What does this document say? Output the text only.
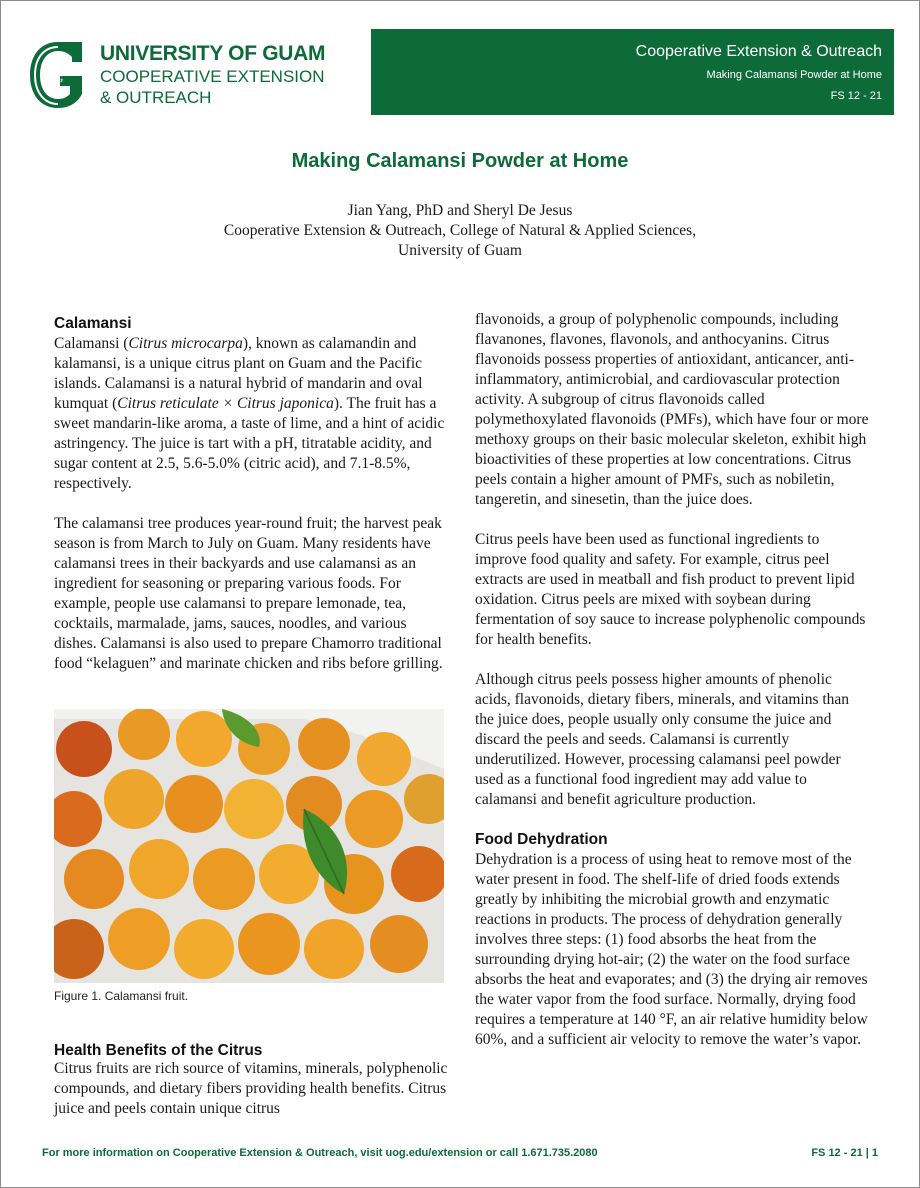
G
UNIVERSITY OF GUAM
COOPERATIVE EXTENSION
& OUTREACH
Cooperative Extension & Outreach
Making Calamansi Powder at Home
FS 12 - 21
Making Calamansi Powder at Home
Jian Yang, PhD and Sheryl De Jesus
Cooperative Extension & Outreach, College of Natural & Applied Sciences,
University of Guam
Calamansi

Calamansi (Citrus microcarpa), known as calamandin and kalamansi, is a unique citrus plant on Guam and the Pacific islands. Calamansi is a natural hybrid of mandarin and oval kumquat (Citrus reticulate × Citrus japonica). The fruit has a sweet mandarin-like aroma, a taste of lime, and a hint of acidic astringency. The juice is tart with a pH, titratable acidity, and sugar content at 2.5, 5.6-5.0% (citric acid), and 7.1-8.5%, respectively.

The calamansi tree produces year-round fruit; the harvest peak season is from March to July on Guam. Many residents have calamansi trees in their backyards and use calamansi as an ingredient for seasoning or preparing various foods. For example, people use calamansi to prepare lemonade, tea, cocktails, marmalade, jams, sauces, noodles, and various dishes. Calamansi is also used to prepare Chamorro traditional food “kelaguen” and marinate chicken and ribs before grilling.

Figure 1. Calamansi fruit.
Health Benefits of the Citrus

Citrus fruits are rich source of vitamins, minerals, polyphenolic compounds, and dietary fibers providing health benefits. Citrus juice and peels contain unique citrus

flavonoids, a group of polyphenolic compounds, including flavanones, flavones, flavonols, and anthocyanins. Citrus flavonoids possess properties of antioxidant, anticancer, anti-inflammatory, antimicrobial, and cardiovascular protection activity. A subgroup of citrus flavonoids called polymethoxylated flavonoids (PMFs), which have four or more methoxy groups on their basic molecular skeleton, exhibit high bioactivities of these properties at low concentrations. Citrus peels contain a higher amount of PMFs, such as nobiletin, tangeretin, and sinesetin, than the juice does.

Citrus peels have been used as functional ingredients to improve food quality and safety. For example, citrus peel extracts are used in meatball and fish product to prevent lipid oxidation. Citrus peels are mixed with soybean during fermentation of soy sauce to increase polyphenolic compounds for health benefits.

Although citrus peels possess higher amounts of phenolic acids, flavonoids, dietary fibers, minerals, and vitamins than the juice does, people usually only consume the juice and discard the peels and seeds. Calamansi is currently underutilized. However, processing calamansi peel powder used as a functional food ingredient may add value to calamansi and benefit agriculture production.

Food Dehydration

Dehydration is a process of using heat to remove most of the water present in food. The shelf-life of dried foods extends greatly by inhibiting the microbial growth and enzymatic reactions in products. The process of dehydration generally involves three steps: (1) food absorbs the heat from the surrounding drying hot-air; (2) the water on the food surface absorbs the heat and evaporates; and (3) the drying air removes the water vapor from the food surface. Normally, drying food requires a temperature at 140 °F, an air relative humidity below 60%, and a sufficient air velocity to remove the water’s vapor.

For more information on Cooperative Extension & Outreach, visit uog.edu/extension or call 1.671.735.2080	FS 12 - 21 | 1
